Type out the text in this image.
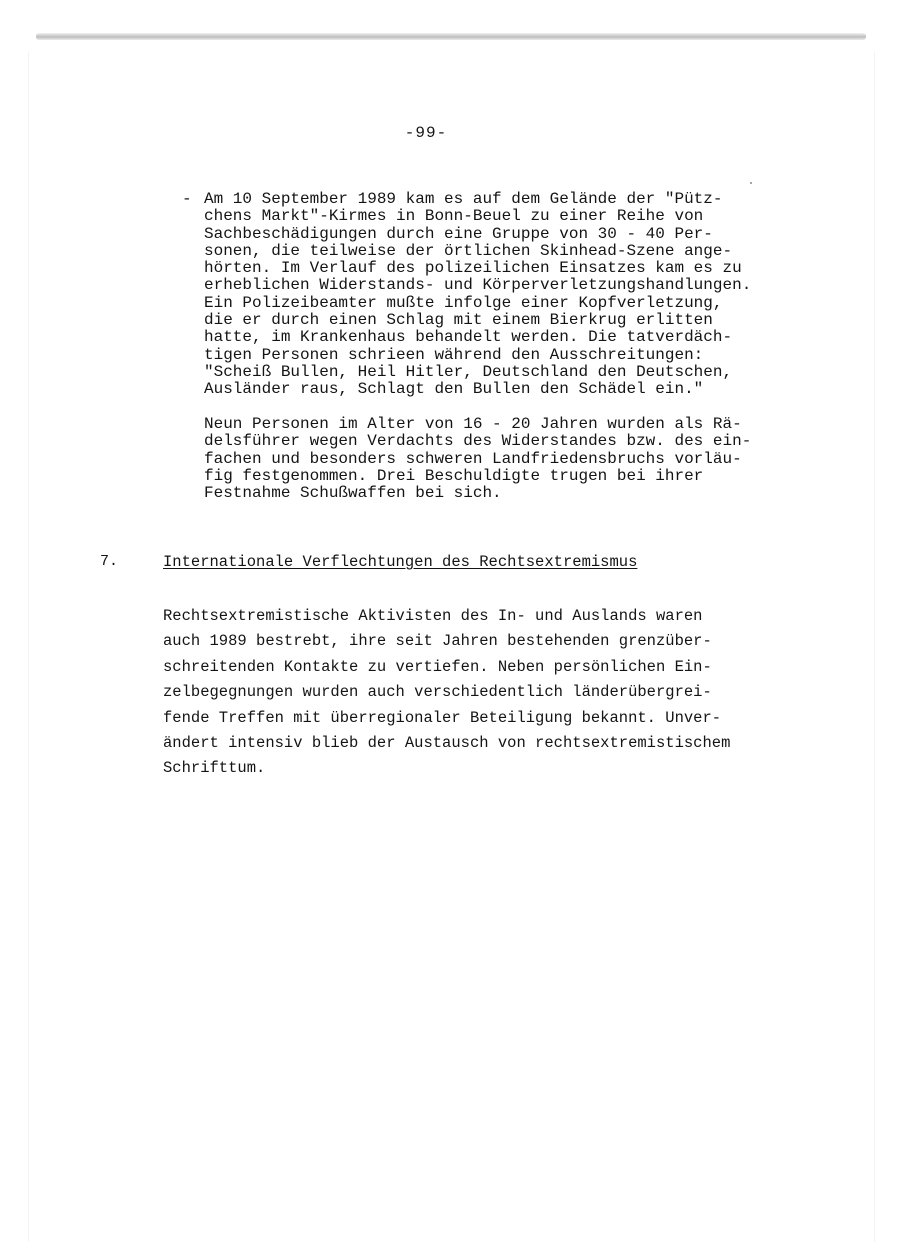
-99-
- Am 10 September 1989 kam es auf dem Gelände der "Pütz-
chens Markt"-Kirmes in Bonn-Beuel zu einer Reihe von
Sachbeschädigungen durch eine Gruppe von 30 - 40 Per-
sonen, die teilweise der örtlichen Skinhead-Szene ange-
hörten. Im Verlauf des polizeilichen Einsatzes kam es zu
erheblichen Widerstands- und Körperverletzungshandlungen.
Ein Polizeibeamter mußte infolge einer Kopfverletzung,
die er durch einen Schlag mit einem Bierkrug erlitten
hatte, im Krankenhaus behandelt werden. Die tatverdäch-
tigen Personen schrieen während den Ausschreitungen:
"Scheiß Bullen, Heil Hitler, Deutschland den Deutschen,
Ausländer raus, Schlagt den Bullen den Schädel ein."
Neun Personen im Alter von 16 - 20 Jahren wurden als Rä-
delsführer wegen Verdachts des Widerstandes bzw. des ein-
fachen und besonders schweren Landfriedensbruchs vorläu-
fig festgenommen. Drei Beschuldigte trugen bei ihrer
Festnahme Schußwaffen bei sich.
7.	Internationale Verflechtungen des Rechtsextremismus
Rechtsextremistische Aktivisten des In- und Auslands waren
auch 1989 bestrebt, ihre seit Jahren bestehenden grenzüber-
schreitenden Kontakte zu vertiefen. Neben persönlichen Ein-
zelbegegnungen wurden auch verschiedentlich länderübergrei-
fende Treffen mit überregionaler Beteiligung bekannt. Unver-
ändert intensiv blieb der Austausch von rechtsextremistischem
Schrifttum.
